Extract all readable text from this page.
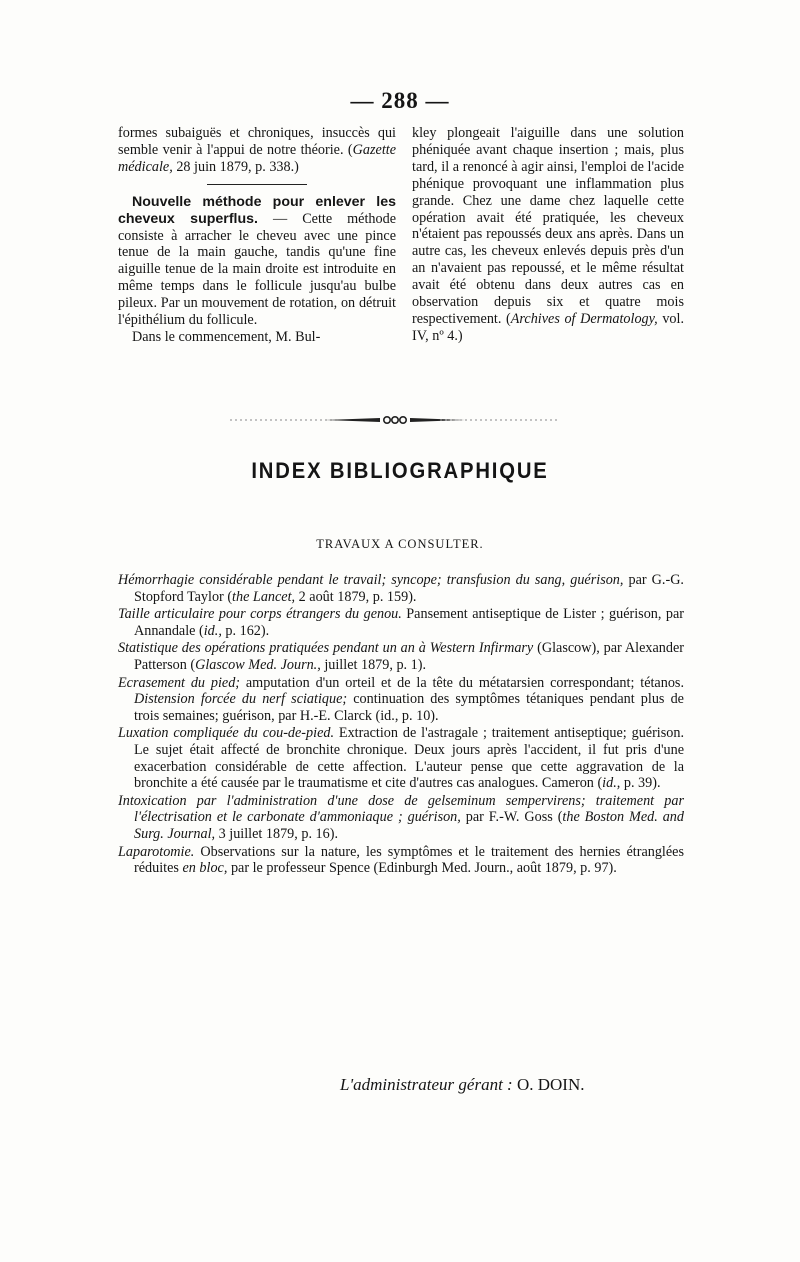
— 288 —

formes subaiguës et chroniques, insuccès qui semble venir à l'appui de notre théorie. (Gazette médicale, 28 juin 1879, p. 338.)

Nouvelle méthode pour enlever les cheveux superflus. — Cette méthode consiste à arracher le cheveu avec une pince tenue de la main gauche, tandis qu'une fine aiguille tenue de la main droite est introduite en même temps dans le follicule jusqu'au bulbe pileux. Par un mouvement de rotation, on détruit l'épithélium du follicule.

Dans le commencement, M. Bul-

kley plongeait l'aiguille dans une solution phéniquée avant chaque insertion ; mais, plus tard, il a renoncé à agir ainsi, l'emploi de l'acide phénique provoquant une inflammation plus grande. Chez une dame chez laquelle cette opération avait été pratiquée, les cheveux n'étaient pas repoussés deux ans après. Dans un autre cas, les cheveux enlevés depuis près d'un an n'avaient pas repoussé, et le même résultat avait été obtenu dans deux autres cas en observation depuis six et quatre mois respectivement. (Archives of Dermatology, vol. IV, nº 4.)

INDEX BIBLIOGRAPHIQUE
TRAVAUX A CONSULTER.

Hémorrhagie considérable pendant le travail; syncope; transfusion du sang, guérison, par G.-G. Stopford Taylor (the Lancet, 2 août 1879, p. 159).

Taille articulaire pour corps étrangers du genou. Pansement antiseptique de Lister ; guérison, par Annandale (id., p. 162).

Statistique des opérations pratiquées pendant un an à Western Infirmary (Glascow), par Alexander Patterson (Glascow Med. Journ., juillet 1879, p. 1).

Ecrasement du pied; amputation d'un orteil et de la tête du métatarsien correspondant; tétanos. Distension forcée du nerf sciatique; continuation des symptômes tétaniques pendant plus de trois semaines; guérison, par H.-E. Clarck (id., p. 10).

Luxation compliquée du cou-de-pied. Extraction de l'astragale ; traitement antiseptique; guérison. Le sujet était affecté de bronchite chronique. Deux jours après l'accident, il fut pris d'une exacerbation considérable de cette affection. L'auteur pense que cette aggravation de la bronchite a été causée par le traumatisme et cite d'autres cas analogues. Cameron (id., p. 39).

Intoxication par l'administration d'une dose de gelseminum sempervirens; traitement par l'électrisation et le carbonate d'ammoniaque ; guérison, par F.-W. Goss (the Boston Med. and Surg. Journal, 3 juillet 1879, p. 16).

Laparotomie. Observations sur la nature, les symptômes et le traitement des hernies étranglées réduites en bloc, par le professeur Spence (Edinburgh Med. Journ., août 1879, p. 97).

L'administrateur gérant : O. DOIN.
